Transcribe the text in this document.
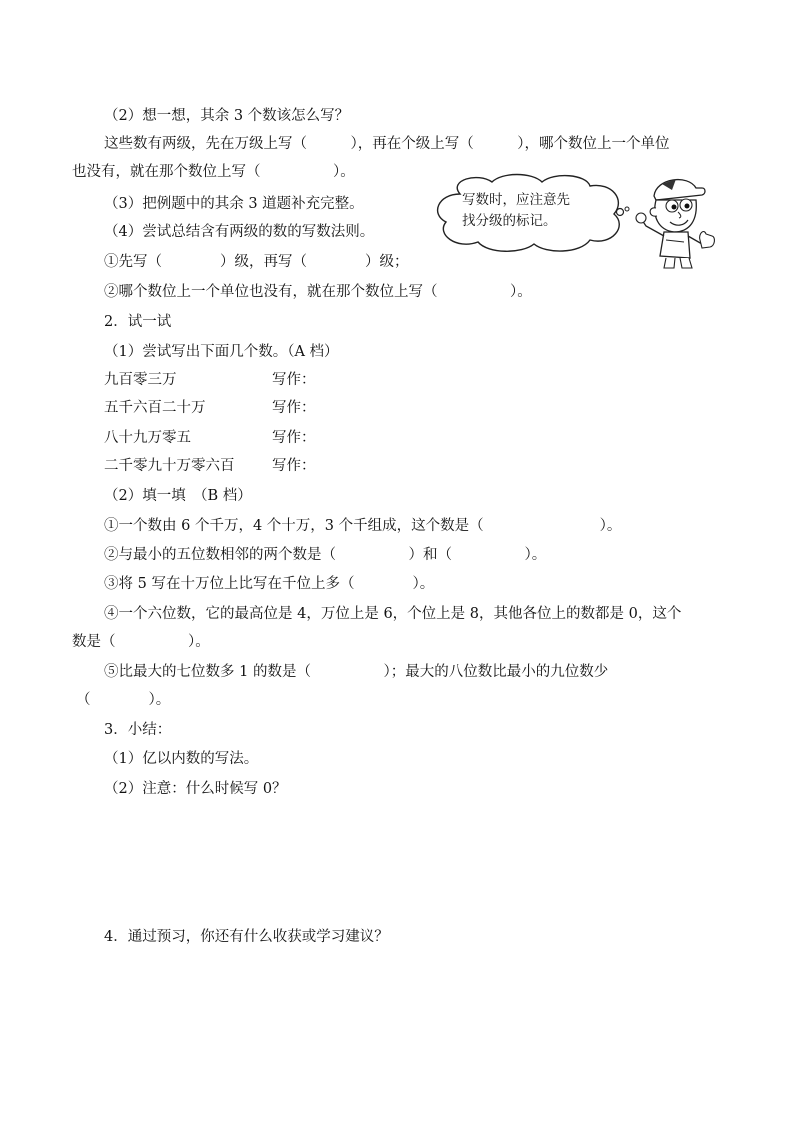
（2）想一想，其余 3 个数该怎么写？
这些数有两级，先在万级上写（　　　），再在个级上写（　　　），哪个数位上一个单位
也没有，就在那个数位上写（　　　　　）。
（3）把例题中的其余 3 道题补充完整。
（4）尝试总结含有两级的数的写数法则。
①先写（　　　　）级，再写（　　　　）级；
②哪个数位上一个单位也没有，就在那个数位上写（　　　　　）。
写数时，应注意先
找分级的标记。
2．试一试
（1）尝试写出下面几个数。（A 档）
九百零三万	写作：
五千六百二十万	写作：
八十九万零五	写作：
二千零九十万零六百	写作：
（2）填一填　（B 档）
①一个数由 6 个千万，4 个十万，3 个千组成，这个数是（　　　　　　　　）。
②与最小的五位数相邻的两个数是（　　　　　）和（　　　　　）。
③将 5 写在十万位上比写在千位上多（　　　　）。
④一个六位数，它的最高位是 4，万位上是 6，个位上是 8，其他各位上的数都是 0，这个
数是（　　　　　）。
⑤比最大的七位数多 1 的数是（　　　　　）；最大的八位数比最小的九位数少
（　　　　）。
3．小结：
（1）亿以内数的写法。
（2）注意：什么时候写 0？
4．通过预习，你还有什么收获或学习建议？
